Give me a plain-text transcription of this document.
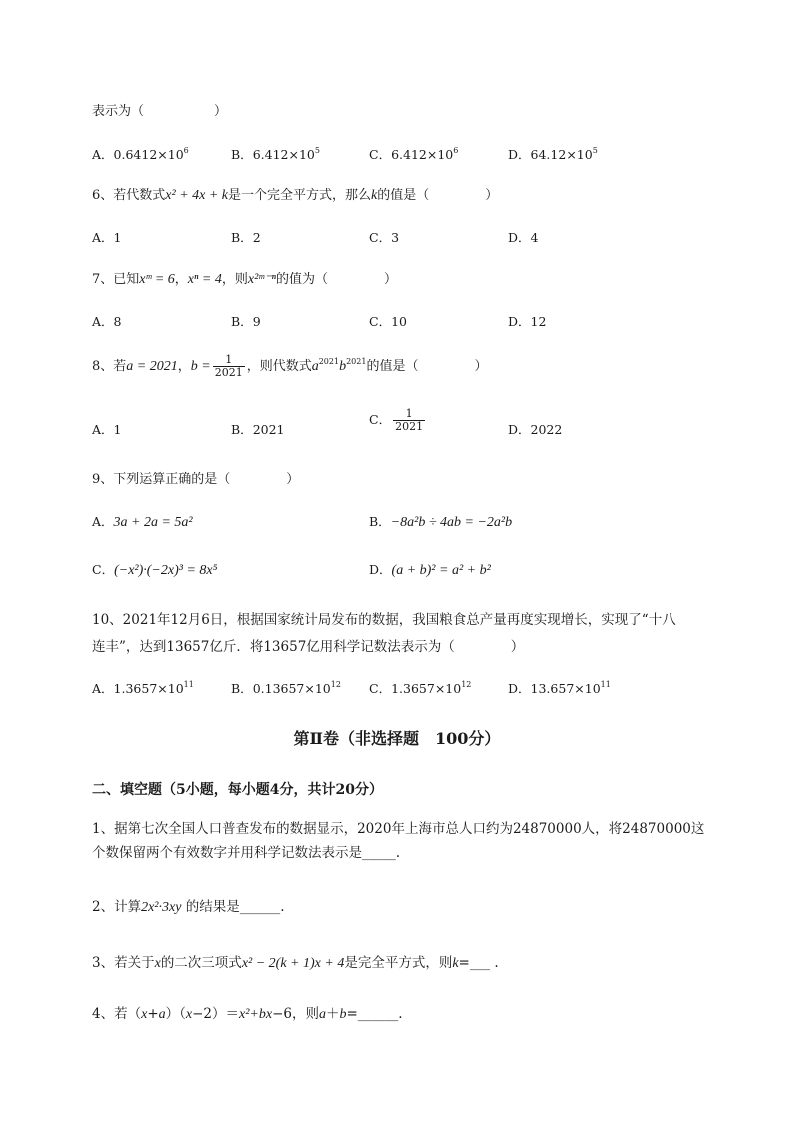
表示为（	）
A．$0.6412\times 10^6$	B．$6.412\times 10^5$	C．$6.412\times 10^6$	D．$64.12\times 10^5$
6、若代数式x² + 4x + k是一个完全平方式，那么k的值是（	）
A．1	B．2	C．3	D．4
7、已知xᵐ = 6，xⁿ = 4，则x²ᵐ⁻ⁿ的值为（	）
A．8	B．9	C．10	D．12
8、若a = 2021，$b = \frac{1}{2021}$ ，则代数式$a^{2021}b^{2021}$的值是（	）
A．1	B．2021
C． $\frac{1}{2021}$	D．2022
9、下列运算正确的是（	）
A．3a + 2a = 5a²	B．−8a²b ÷ 4ab = −2a²b
C．(−x²)·(−2x)³ = 8x⁵	D．(a + b)² = a² + b²
10、2021年12月6日，根据国家统计局发布的数据，我国粮食总产量再度实现增长，实现了“十八
连丰”，达到13657亿斤．将13657亿用科学记数法表示为（	）
A．$1.3657\times 10^{11}$	B．$0.13657\times 10^{12}$ C．$1.3657\times 10^{12}$	D．$13.657\times 10^{11}$
第Ⅱ卷（非选择题　100分）
二、填空题（5小题，每小题4分，共计20分）
1、据第七次全国人口普查发布的数据显示，2020年上海市总人口约为24870000人，将24870000这
个数保留两个有效数字并用科学记数法表示是_____.
2、计算2x²·3xy 的结果是______.
3、若关于x的二次三项式x² − 2(k + 1)x + 4是完全平方式，则k=___ .
4、若（x+a）（x−2）＝x²+bx−6，则a＋b=______.
